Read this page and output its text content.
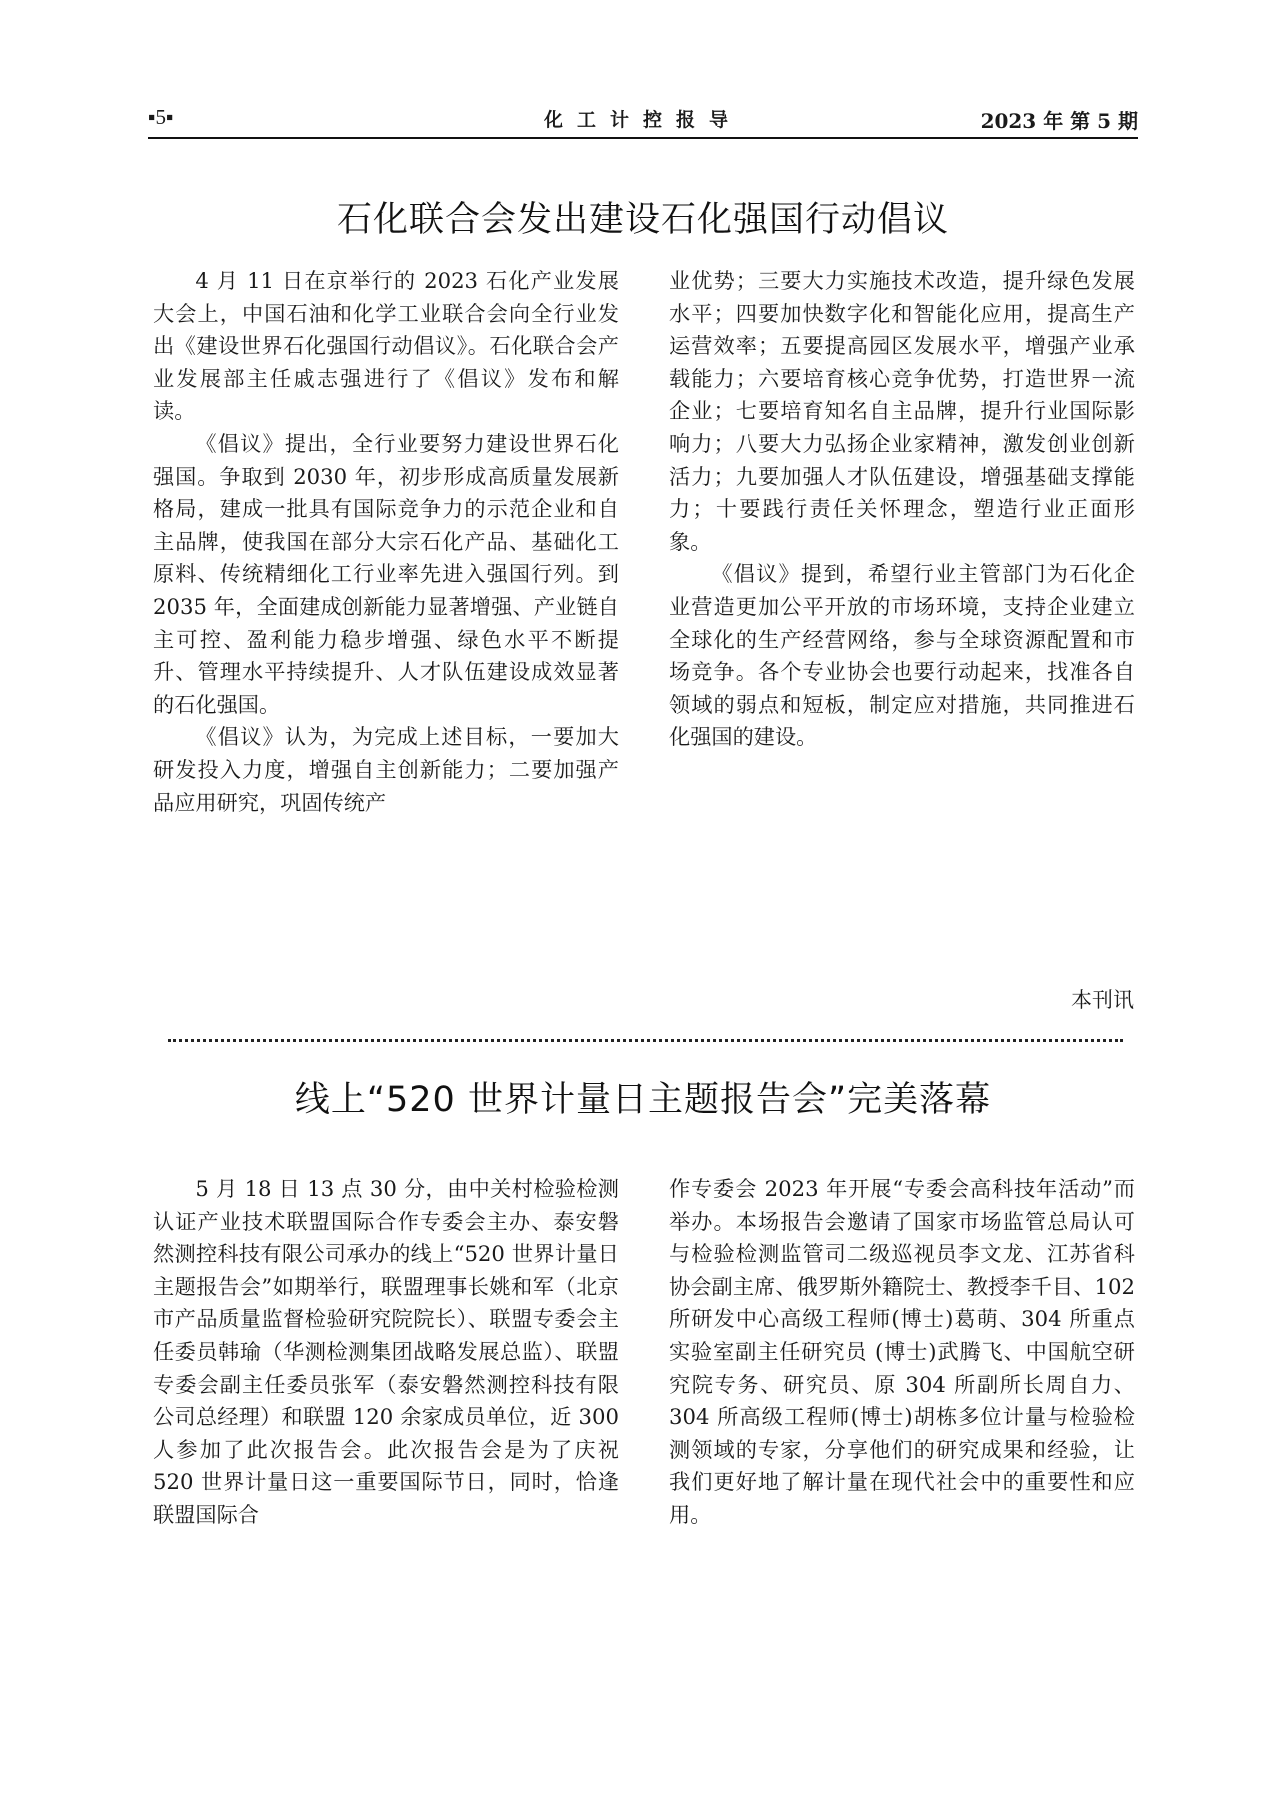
▪5▪	化工计控报导	2023 年 第 5 期
石化联合会发出建设石化强国行动倡议

4 月 11 日在京举行的 2023 石化产业发展大会上，中国石油和化学工业联合会向全行业发出《建设世界石化强国行动倡议》。石化联合会产业发展部主任戚志强进行了《倡议》发布和解读。

《倡议》提出，全行业要努力建设世界石化强国。争取到 2030 年，初步形成高质量发展新格局，建成一批具有国际竞争力的示范企业和自主品牌，使我国在部分大宗石化产品、基础化工原料、传统精细化工行业率先进入强国行列。到 2035 年，全面建成创新能力显著增强、产业链自主可控、盈利能力稳步增强、绿色水平不断提升、管理水平持续提升、人才队伍建设成效显著的石化强国。

《倡议》认为，为完成上述目标，一要加大研发投入力度，增强自主创新能力；二要加强产品应用研究，巩固传统产

业优势；三要大力实施技术改造，提升绿色发展水平；四要加快数字化和智能化应用，提高生产运营效率；五要提高园区发展水平，增强产业承载能力；六要培育核心竞争优势，打造世界一流企业；七要培育知名自主品牌，提升行业国际影响力；八要大力弘扬企业家精神，激发创业创新活力；九要加强人才队伍建设，增强基础支撑能力；十要践行责任关怀理念，塑造行业正面形象。

《倡议》提到，希望行业主管部门为石化企业营造更加公平开放的市场环境，支持企业建立全球化的生产经营网络，参与全球资源配置和市场竞争。各个专业协会也要行动起来，找准各自领域的弱点和短板，制定应对措施，共同推进石化强国的建设。

本刊讯
线上“520 世界计量日主题报告会”完美落幕

5 月 18 日 13 点 30 分，由中关村检验检测认证产业技术联盟国际合作专委会主办、泰安磐然测控科技有限公司承办的线上“520 世界计量日主题报告会”如期举行，联盟理事长姚和军（北京市产品质量监督检验研究院院长）、联盟专委会主任委员韩瑜（华测检测集团战略发展总监）、联盟专委会副主任委员张军（泰安磐然测控科技有限公司总经理）和联盟 120 余家成员单位，近 300 人参加了此次报告会。此次报告会是为了庆祝 520 世界计量日这一重要国际节日，同时，恰逢联盟国际合

作专委会 2023 年开展“专委会高科技年活动”而举办。本场报告会邀请了国家市场监管总局认可与检验检测监管司二级巡视员李文龙、江苏省科协会副主席、俄罗斯外籍院士、教授李千目、102 所研发中心高级工程师(博士)葛萌、304 所重点实验室副主任研究员 (博士)武腾飞、中国航空研究院专务、研究员、原 304 所副所长周自力、304 所高级工程师(博士)胡栋多位计量与检验检测领域的专家，分享他们的研究成果和经验，让我们更好地了解计量在现代社会中的重要性和应用。
